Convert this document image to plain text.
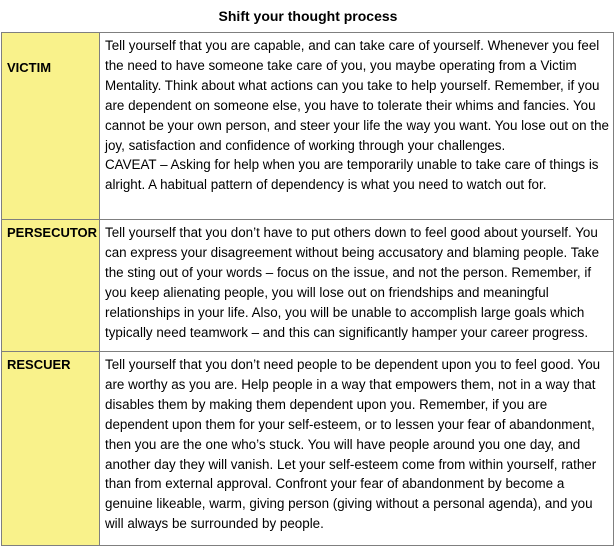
Shift your thought process
VICTIM	Tell yourself that you are capable, and can take care of yourself. Whenever you feel the need to have someone take care of you, you maybe operating from a Victim Mentality. Think about what actions can you take to help yourself. Remember, if you are dependent on someone else, you have to tolerate their whims and fancies. You cannot be your own person, and steer your life the way you want. You lose out on the joy, satisfaction and confidence of working through your challenges.

CAVEAT – Asking for help when you are temporarily unable to take care of things is alright. A habitual pattern of dependency is what you need to watch out for.

PERSECUTOR	Tell yourself that you don’t have to put others down to feel good about yourself. You can express your disagreement without being accusatory and blaming people. Take the sting out of your words – focus on the issue, and not the person. Remember, if you keep alienating people, you will lose out on friendships and meaningful relationships in your life. Also, you will be unable to accomplish large goals which typically need teamwork – and this can significantly hamper your career progress.

RESCUER	Tell yourself that you don’t need people to be dependent upon you to feel good. You are worthy as you are. Help people in a way that empowers them, not in a way that disables them by making them dependent upon you. Remember, if you are dependent upon them for your self-esteem, or to lessen your fear of abandonment, then you are the one who’s stuck. You will have people around you one day, and another day they will vanish. Let your self-esteem come from within yourself, rather than from external approval. Confront your fear of abandonment by become a genuine likeable, warm, giving person (giving without a personal agenda), and you will always be surrounded by people.
